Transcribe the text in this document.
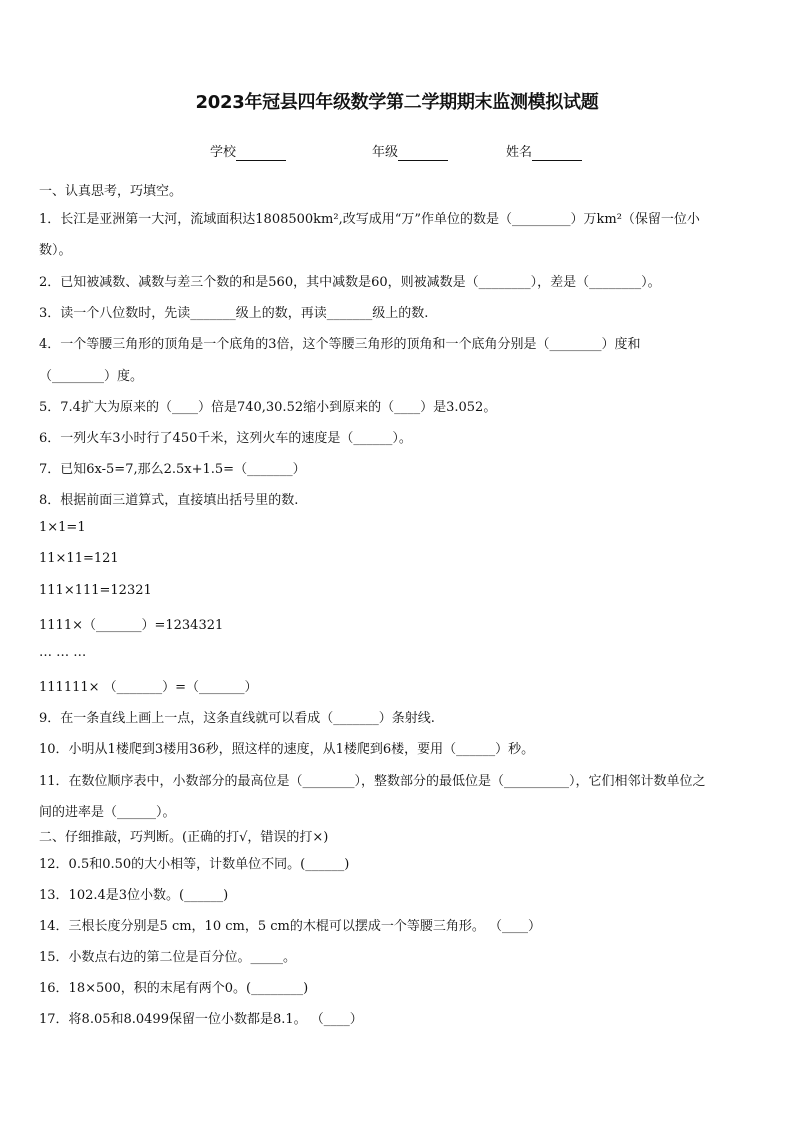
2023年冠县四年级数学第二学期期末监测模拟试题
学校	年级	姓名
一、认真思考，巧填空。
1．长江是亚洲第一大河，流域面积达1808500km²,改写成用“万”作单位的数是（_________）万km²（保留一位小
数）。
2．已知被减数、减数与差三个数的和是560，其中减数是60，则被减数是（________），差是（________）。
3．读一个八位数时，先读_______级上的数，再读_______级上的数.
4．一个等腰三角形的顶角是一个底角的3倍，这个等腰三角形的顶角和一个底角分别是（________）度和
（________）度。
5．7.4扩大为原来的（____）倍是740,30.52缩小到原来的（____）是3.052。
6．一列火车3小时行了450千米，这列火车的速度是（______）。
7．已知6x-5=7,那么2.5x+1.5=（_______）
8．根据前面三道算式，直接填出括号里的数.
1×1=1
11×11=121
111×111=12321
1111×（_______）=1234321
… … …
111111× （_______）=（_______）
9．在一条直线上画上一点，这条直线就可以看成（_______）条射线.
10．小明从1楼爬到3楼用36秒，照这样的速度，从1楼爬到6楼，要用（______）秒。
11．在数位顺序表中，小数部分的最高位是（________），整数部分的最低位是（__________），它们相邻计数单位之
间的进率是（______）。
二、仔细推敲，巧判断。(正确的打√，错误的打×)
12．0.5和0.50的大小相等，计数单位不同。(______)
13．102.4是3位小数。(______)
14．三根长度分别是5 cm，10 cm，5 cm的木棍可以摆成一个等腰三角形。 （____）
15．小数点右边的第二位是百分位。_____。
16．18×500，积的末尾有两个0。(________)
17．将8.05和8.0499保留一位小数都是8.1。 （____）
